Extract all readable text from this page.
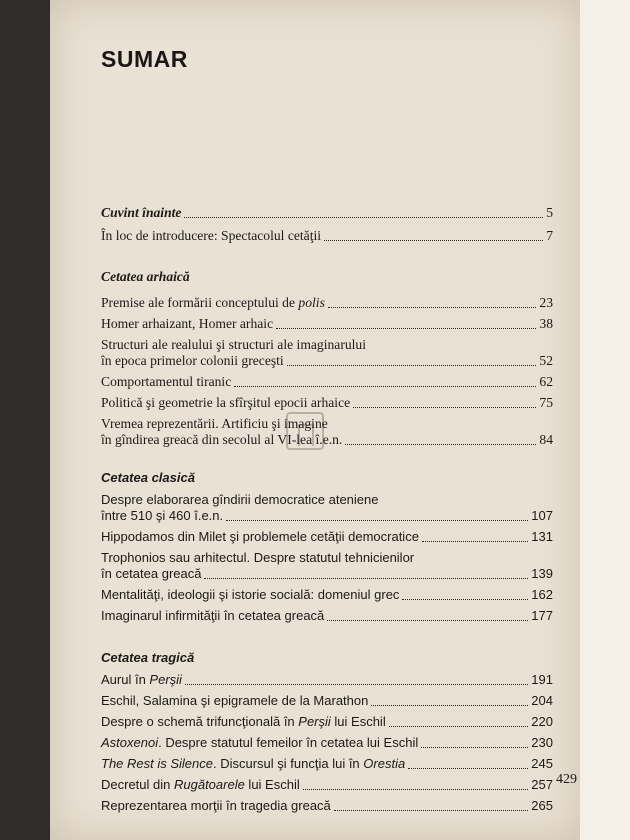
SUMAR
Cuvint înainte	5
În loc de introducere: Spectacolul cetăţii	7
Cetatea arhaică
Premise ale formării conceptului de polis	23
Homer arhaizant, Homer arhaic	38
Structuri ale realului şi structuri ale imaginarului
în epoca primelor colonii greceşti	52
Comportamentul tiranic	62
Politică şi geometrie la sfîrşitul epocii arhaice	75
Vremea reprezentării. Artificiu şi imagine
în gîndirea greacă din secolul al VI-lea î.e.n.	84
Cetatea clasică
Despre elaborarea gîndirii democratice ateniene
între 510 şi 460 î.e.n.	107
Hippodamos din Milet şi problemele cetăţii democratice	131
Trophonios sau arhitectul. Despre statutul tehnicienilor
în cetatea greacă	139
Mentalităţi, ideologii şi istorie socială: domeniul grec	162
Imaginarul infirmităţii în cetatea greacă	177
Cetatea tragică
Aurul în Perşii	191
Eschil, Salamina şi epigramele de la Marathon	204
Despre o schemă trifuncţională în Perşii lui Eschil	220
Astoxenoi. Despre statutul femeilor în cetatea lui Eschil	230
The Rest is Silence. Discursul şi funcţia lui în Orestia	245
Decretul din Rugătoarele lui Eschil	257
Reprezentarea morţii în tragedia greacă	265
429
